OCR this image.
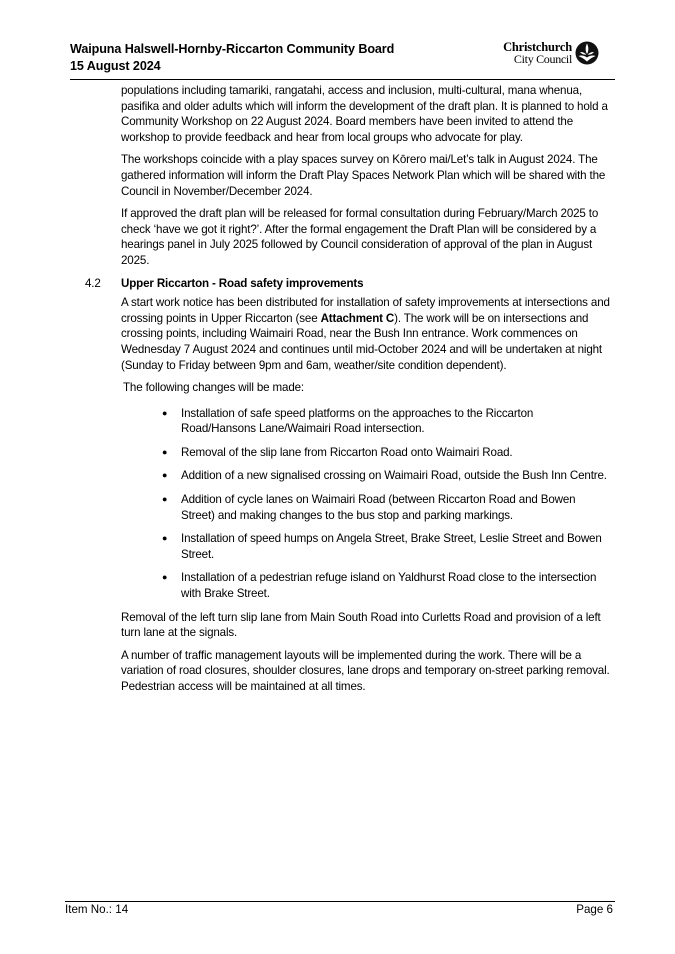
Waipuna Halswell-Hornby-Riccarton Community Board
15 August 2024
Christchurch
City Council

populations including tamariki, rangatahi, access and inclusion, multi-cultural, mana whenua, pasifika and older adults which will inform the development of the draft plan. It is planned to hold a Community Workshop on 22 August 2024. Board members have been invited to attend the workshop to provide feedback and hear from local groups who advocate for play.

The workshops coincide with a play spaces survey on Kōrero mai/Let’s talk in August 2024. The gathered information will inform the Draft Play Spaces Network Plan which will be shared with the Council in November/December 2024.

If approved the draft plan will be released for formal consultation during February/March 2025 to check ‘have we got it right?’. After the formal engagement the Draft Plan will be considered by a hearings panel in July 2025 followed by Council consideration of approval of the plan in August 2025.

4.2	Upper Riccarton - Road safety improvements

A start work notice has been distributed for installation of safety improvements at intersections and crossing points in Upper Riccarton (see Attachment C). The work will be on intersections and crossing points, including Waimairi Road, near the Bush Inn entrance. Work commences on Wednesday 7 August 2024 and continues until mid-October 2024 and will be undertaken at night (Sunday to Friday between 9pm and 6am, weather/site condition dependent).

The following changes will be made:
●	Installation of safe speed platforms on the approaches to the Riccarton Road/Hansons Lane/Waimairi Road intersection.
●	Removal of the slip lane from Riccarton Road onto Waimairi Road.
●	Addition of a new signalised crossing on Waimairi Road, outside the Bush Inn Centre.
●	Addition of cycle lanes on Waimairi Road (between Riccarton Road and Bowen Street) and making changes to the bus stop and parking markings.
●	Installation of speed humps on Angela Street, Brake Street, Leslie Street and Bowen Street.
●	Installation of a pedestrian refuge island on Yaldhurst Road close to the intersection with Brake Street.

Removal of the left turn slip lane from Main South Road into Curletts Road and provision of a left turn lane at the signals.

A number of traffic management layouts will be implemented during the work. There will be a variation of road closures, shoulder closures, lane drops and temporary on-street parking removal. Pedestrian access will be maintained at all times.

Item No.: 14	Page 6
